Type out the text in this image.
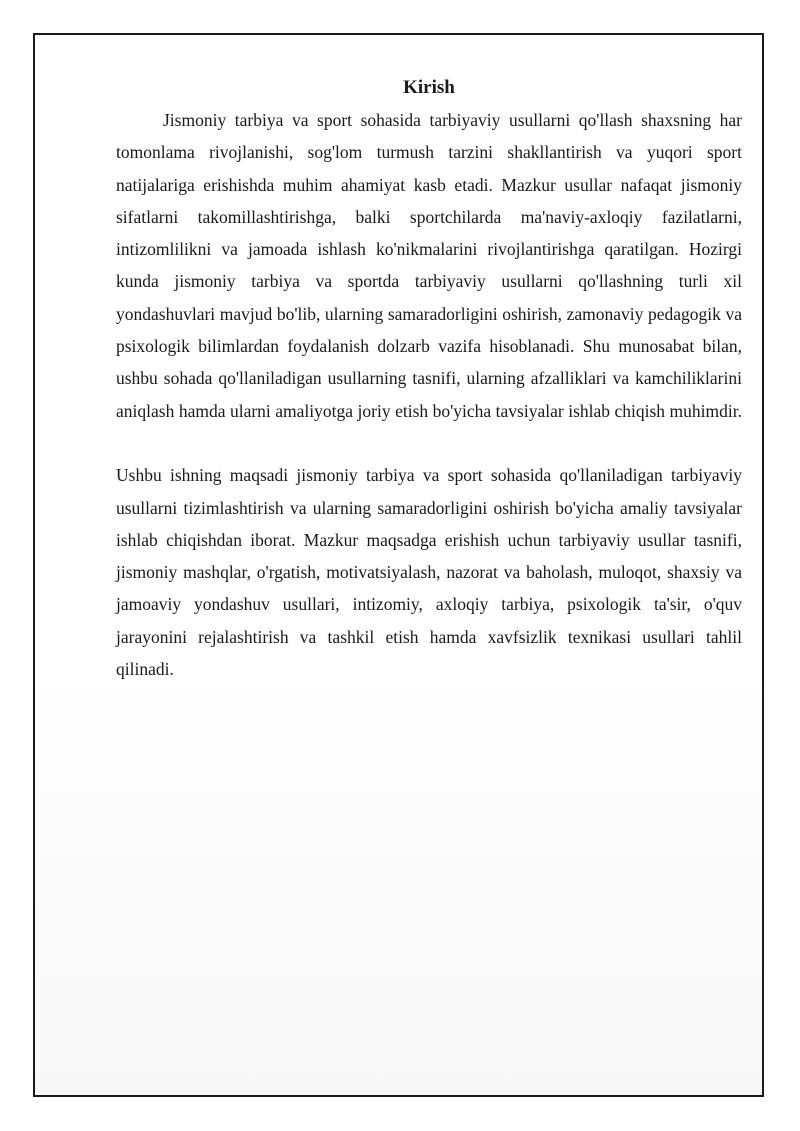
Kirish

Jismoniy tarbiya va sport sohasida tarbiyaviy usullarni qo'llash shaxsning har tomonlama rivojlanishi, sog'lom turmush tarzini shakllantirish va yuqori sport natijalariga erishishda muhim ahamiyat kasb etadi. Mazkur usullar nafaqat jismoniy sifatlarni takomillashtirishga, balki sportchilarda ma'naviy-axloqiy fazilatlarni, intizomlilikni va jamoada ishlash ko'nikmalarini rivojlantirishga qaratilgan. Hozirgi kunda jismoniy tarbiya va sportda tarbiyaviy usullarni qo'llashning turli xil yondashuvlari mavjud bo'lib, ularning samaradorligini oshirish, zamonaviy pedagogik va psixologik bilimlardan foydalanish dolzarb vazifa hisoblanadi. Shu munosabat bilan, ushbu sohada qo'llaniladigan usullarning tasnifi, ularning afzalliklari va kamchiliklarini aniqlash hamda ularni amaliyotga joriy etish bo'yicha tavsiyalar ishlab chiqish muhimdir.

Ushbu ishning maqsadi jismoniy tarbiya va sport sohasida qo'llaniladigan tarbiyaviy usullarni tizimlashtirish va ularning samaradorligini oshirish bo'yicha amaliy tavsiyalar ishlab chiqishdan iborat. Mazkur maqsadga erishish uchun tarbiyaviy usullar tasnifi, jismoniy mashqlar, o'rgatish, motivatsiyalash, nazorat va baholash, muloqot, shaxsiy va jamoaviy yondashuv usullari, intizomiy, axloqiy tarbiya, psixologik ta'sir, o'quv jarayonini rejalashtirish va tashkil etish hamda xavfsizlik texnikasi usullari tahlil qilinadi.
